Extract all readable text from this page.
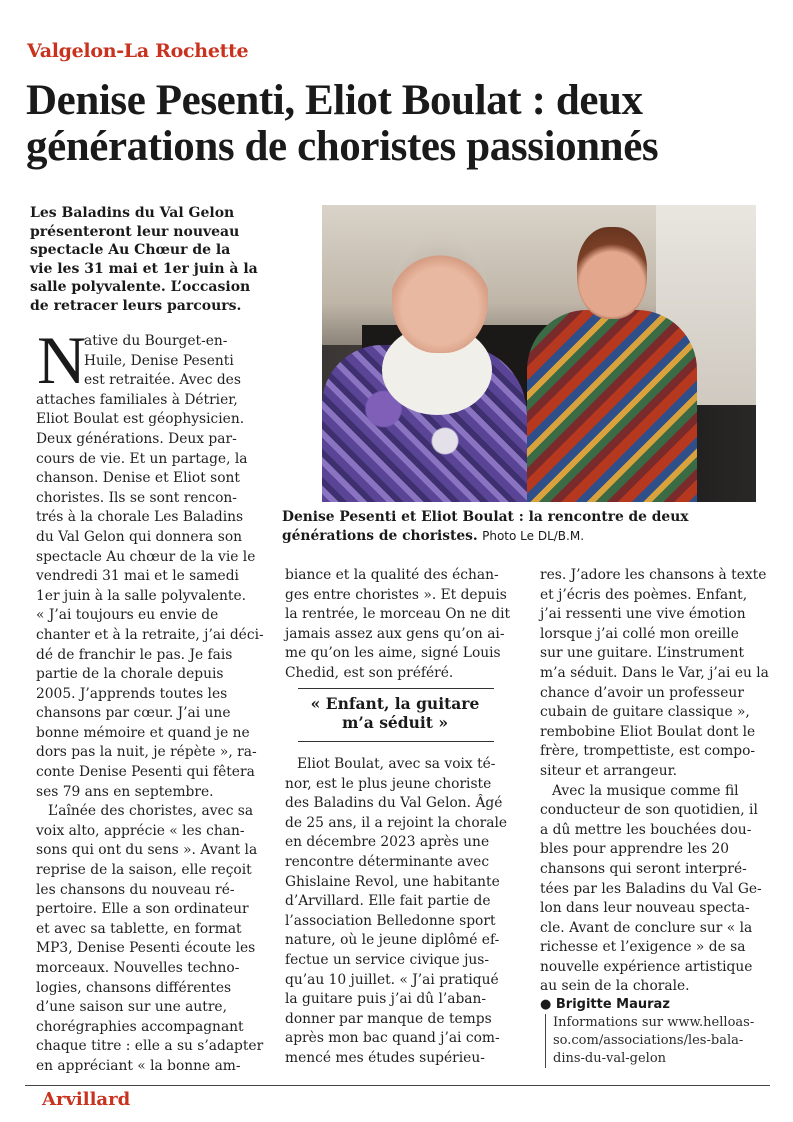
Valgelon-La Rochette
Denise Pesenti, Eliot Boulat : deux
générations de choristes passionnés
Les Baladins du Val Gelon
présenteront leur nouveau
spectacle Au Chœur de la
vie les 31 mai et 1er juin à la
salle polyvalente. L’occasion
de retracer leurs parcours.
Denise Pesenti et Eliot Boulat : la rencontre de deux générations de choristes. Photo Le DL/B.M.
N
ative du Bourget-en-
Huile, Denise Pesenti
est retraitée. Avec des
attaches familiales à Détrier,
Eliot Boulat est géophysicien.
Deux générations. Deux par-
cours de vie. Et un partage, la
chanson. Denise et Eliot sont
choristes. Ils se sont rencon-
trés à la chorale Les Baladins
du Val Gelon qui donnera son
spectacle Au chœur de la vie le
vendredi 31 mai et le samedi
1er juin à la salle polyvalente.
« J’ai toujours eu envie de
chanter et à la retraite, j’ai déci-
dé de franchir le pas. Je fais
partie de la chorale depuis
2005. J’apprends toutes les
chansons par cœur. J’ai une
bonne mémoire et quand je ne
dors pas la nuit, je répète », ra-
conte Denise Pesenti qui fêtera
ses 79 ans en septembre.
L’aînée des choristes, avec sa
voix alto, appréciе « les chan-
sons qui ont du sens ». Avant la
reprise de la saison, elle reçoit
les chansons du nouveau ré-
pertoire. Elle a son ordinateur
et avec sa tablette, en format
MP3, Denise Pesenti écoute les
morceaux. Nouvelles techno-
logies, chansons différentes
d’une saison sur une autre,
chorégraphies accompagnant
chaque titre : elle a su s’adapter
en appréciant « la bonne am-
biance et la qualité des échan-
ges entre choristes ». Et depuis
la rentrée, le morceau On ne dit
jamais assez aux gens qu’on ai-
me qu’on les aime, signé Louis
Chedid, est son préféré.
« Enfant, la guitare
m’a séduit »
Eliot Boulat, avec sa voix té-
nor, est le plus jeune choriste
des Baladins du Val Gelon. Âgé
de 25 ans, il a rejoint la chorale
en décembre 2023 après une
rencontre déterminante avec
Ghislaine Revol, une habitante
d’Arvillard. Elle fait partie de
l’association Belledonne sport
nature, où le jeune diplômé ef-
fectue un service civique jus-
qu’au 10 juillet. « J’ai pratiqué
la guitare puis j’ai dû l’aban-
donner par manque de temps
après mon bac quand j’ai com-
mencé mes études supérieu-
res. J’adore les chansons à texte
et j’écris des poèmes. Enfant,
j’ai ressenti une vive émotion
lorsque j’ai collé mon oreille
sur une guitare. L’instrument
m’a séduit. Dans le Var, j’ai eu la
chance d’avoir un professeur
cubain de guitare classique »,
rembobine Eliot Boulat dont le
frère, trompettiste, est compo-
siteur et arrangeur.
Avec la musique comme fil
conducteur de son quotidien, il
a dû mettre les bouchées dou-
bles pour apprendre les 20
chansons qui seront interpré-
tées par les Baladins du Val Ge-
lon dans leur nouveau specta-
cle. Avant de conclure sur « la
richesse et l’exigence » de sa
nouvelle expérience artistique
au sein de la chorale.
● Brigitte Mauraz
Informations sur www.helloas-
so.com/associations/les-bala-
dins-du-val-gelon
Arvillard
